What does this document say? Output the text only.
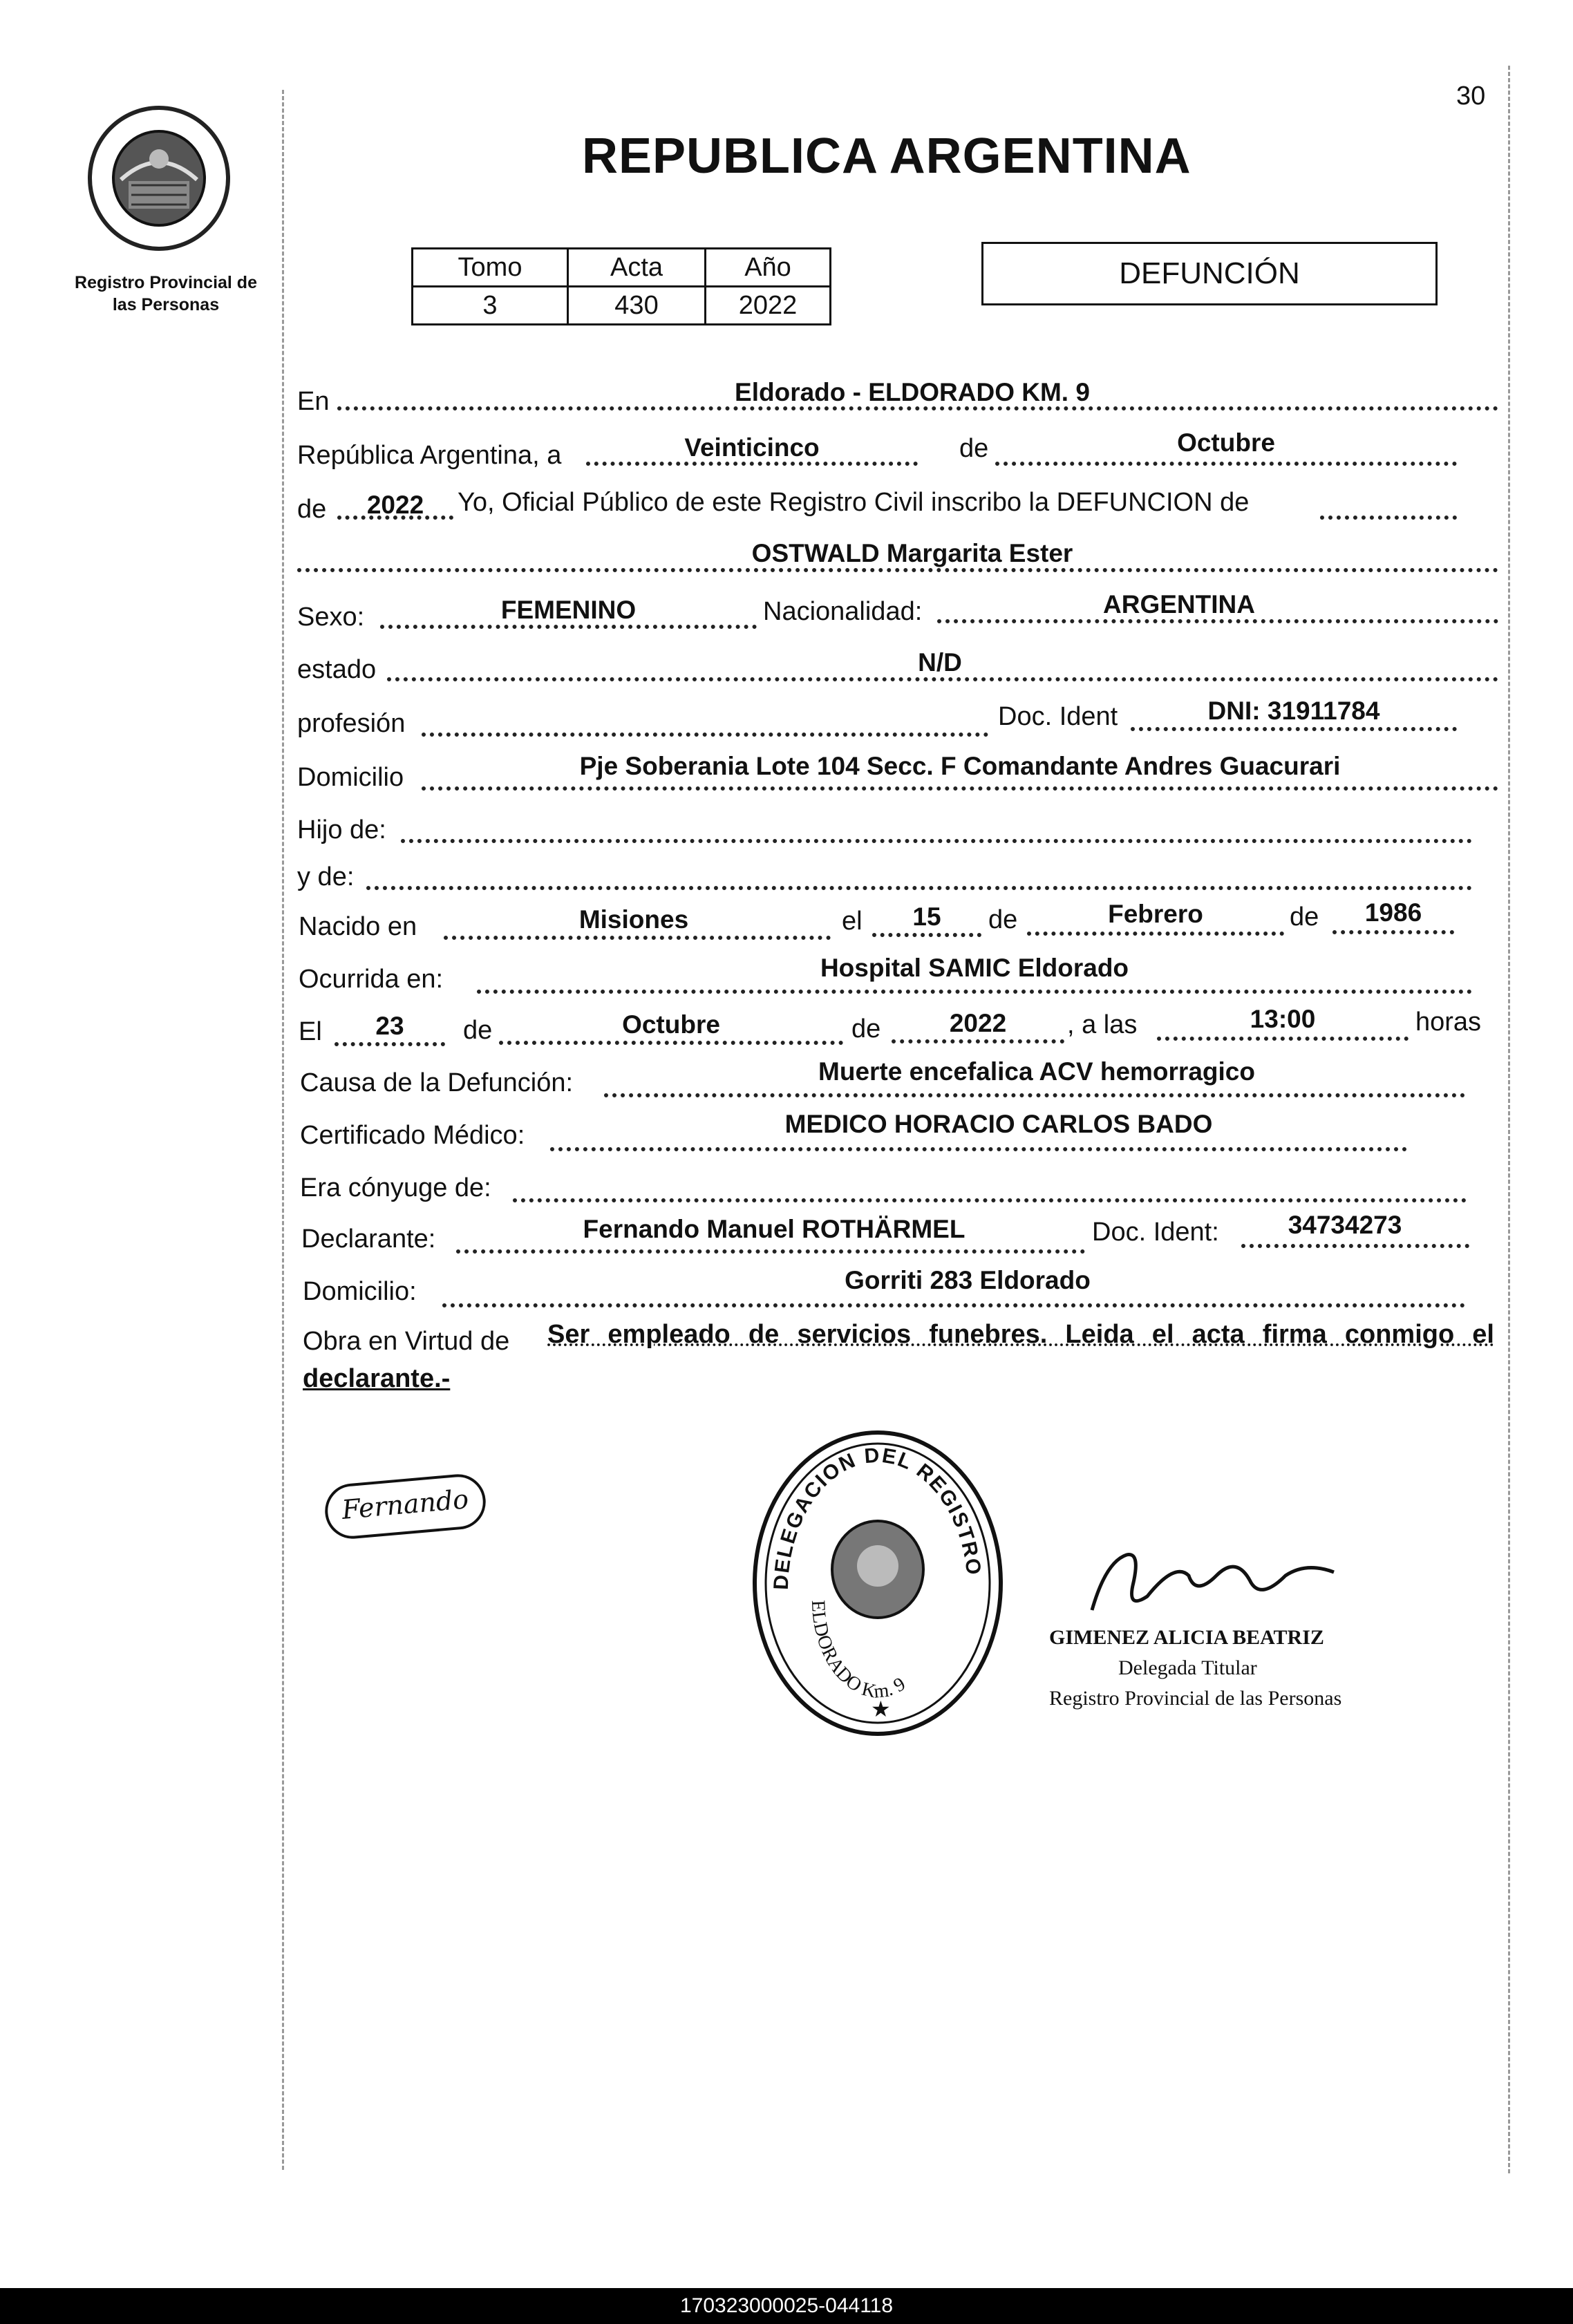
30
Registro Provincial de
las Personas
REPUBLICA ARGENTINA
Tomo	Acta	Año
3	430	2022
DEFUNCIÓN
En	Eldorado - ELDORADO KM. 9
República Argentina, a	Veinticinco	de	Octubre
de	2022	Yo, Oficial Público de este Registro Civil inscribo la DEFUNCION de
OSTWALD Margarita Ester
Sexo:	FEMENINO	Nacionalidad:	ARGENTINA
estado	N/D
profesión	Doc. Ident	DNI: 31911784
Domicilio	Pje Soberania Lote 104 Secc. F Comandante Andres Guacurari
Hijo de:
y de:
Nacido en	Misiones	el	15	de	Febrero	de	1986
Ocurrida en:	Hospital SAMIC Eldorado
El	23	de	Octubre	de	2022	, a las	13:00	horas
Causa de la Defunción:	Muerte encefalica ACV hemorragico
Certificado Médico:	MEDICO HORACIO CARLOS BADO
Era cónyuge de:
Declarante:	Fernando Manuel ROTHÄRMEL	Doc. Ident:	34734273
Domicilio:	Gorriti 283 Eldorado
Obra en Virtud de Ser empleado de servicios funebres. Leida el acta firma conmigo el
declarante.-
DELEGACION DEL REGISTRO
ELDORADO Km. 9
★
Fernando
GIMENEZ ALICIA BEATRIZ
Delegada Titular
Registro Provincial de las Personas
170323000025-044118
